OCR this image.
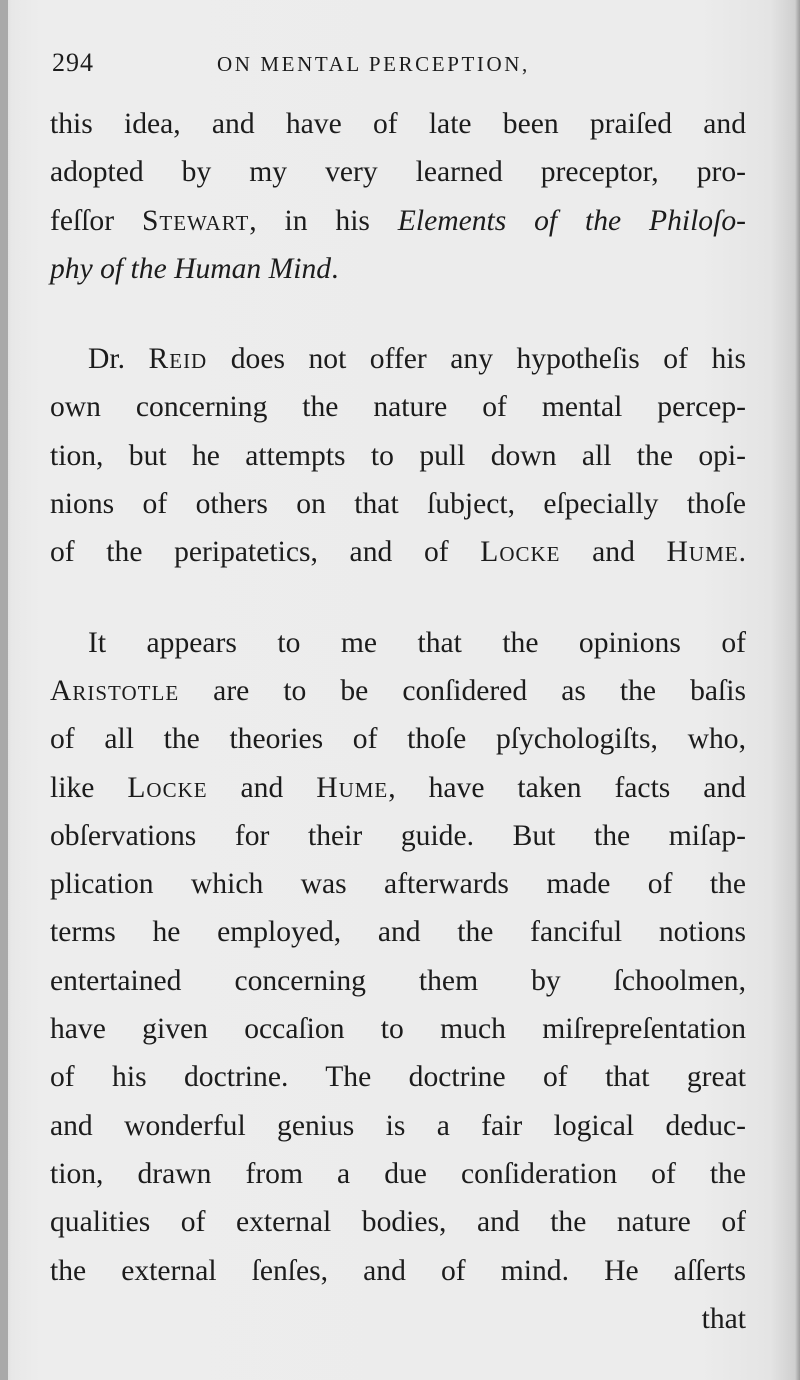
294	ON MENTAL PERCEPTION,
this idea, and have of late been praiſed and
adopted by my very learned preceptor, pro-
feſſor Stewart, in his Elements of the Philoſo-
phy of the Human Mind.
Dr. Reid does not offer any hypotheſis of his
own concerning the nature of mental percep-
tion, but he attempts to pull down all the opi-
nions of others on that ſubject, eſpecially thoſe
of the peripatetics, and of Locke and Hume.
It appears to me that the opinions of
Aristotle are to be conſidered as the baſis
of all the theories of thoſe pſychologiſts, who,
like Locke and Hume, have taken facts and
obſervations for their guide. But the miſap-
plication which was afterwards made of the
terms he employed, and the fanciful notions
entertained concerning them by ſchoolmen,
have given occaſion to much miſrepreſentation
of his doctrine. The doctrine of that great
and wonderful genius is a fair logical deduc-
tion, drawn from a due conſideration of the
qualities of external bodies, and the nature of
the external ſenſes, and of mind. He aſſerts
that
